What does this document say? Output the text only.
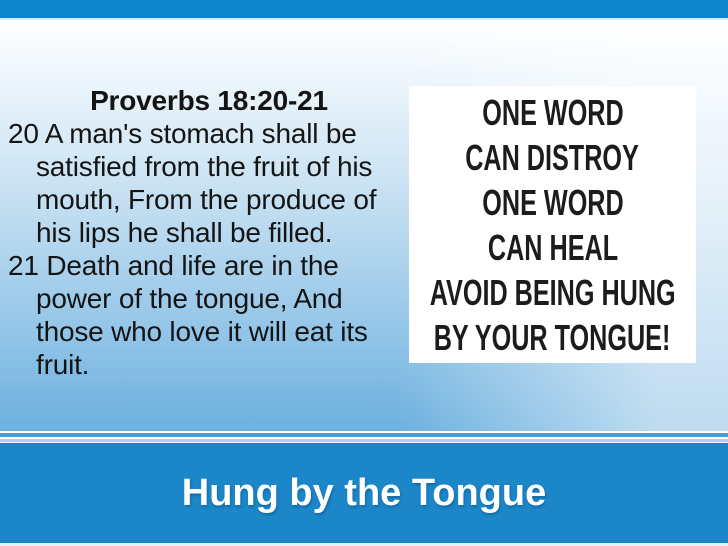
Proverbs 18:20-21
20 A man's stomach shall be
satisfied from the fruit of his
mouth, From the produce of
his lips he shall be filled.
21 Death and life are in the
power of the tongue, And
those who love it will eat its
fruit.
ONE WORD
CAN DISTROY
ONE WORD
CAN HEAL
AVOID BEING HUNG
BY YOUR TONGUE!
Hung by the Tongue
